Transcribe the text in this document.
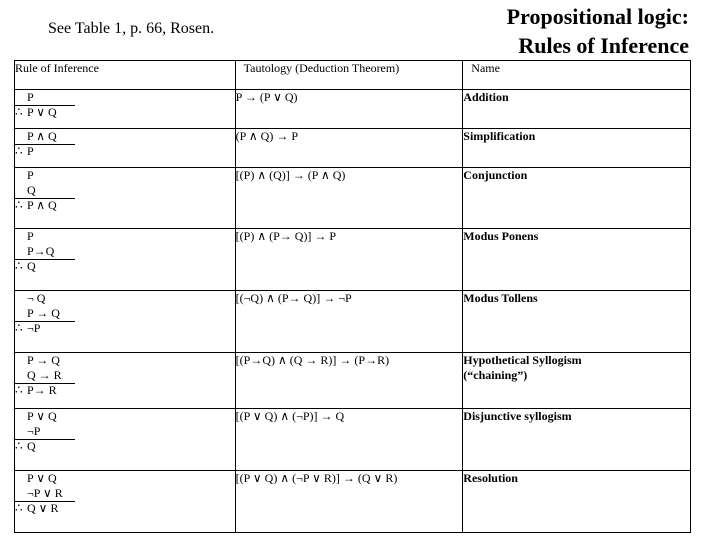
See Table 1, p. 66, Rosen.	Propositional logic:
Rules of Inference
Rule of Inference	Tautology (Deduction Theorem)	Name

P
∴ P ∨ Q	P → (P ∨ Q)	Addition

P ∧ Q
∴ P	(P ∧ Q) → P	Simplification

P
Q
∴ P ∧ Q	[(P) ∧ (Q)] → (P ∧ Q)	Conjunction

P
P→Q
∴ Q	[(P) ∧ (P→ Q)] → P	Modus Ponens

¬ Q
P → Q
∴ ¬P	[(¬Q) ∧ (P→ Q)] → ¬P	Modus Tollens

P → Q
Q → R
∴ P→ R	[(P→Q) ∧ (Q → R)] → (P→R)	Hypothetical Syllogism
(“chaining”)

P ∨ Q
¬P
∴ Q	[(P ∨ Q) ∧ (¬P)] → Q	Disjunctive syllogism

P ∨ Q
¬P ∨ R
∴ Q ∨ R	[(P ∨ Q) ∧ (¬P ∨ R)] → (Q ∨ R)	Resolution
